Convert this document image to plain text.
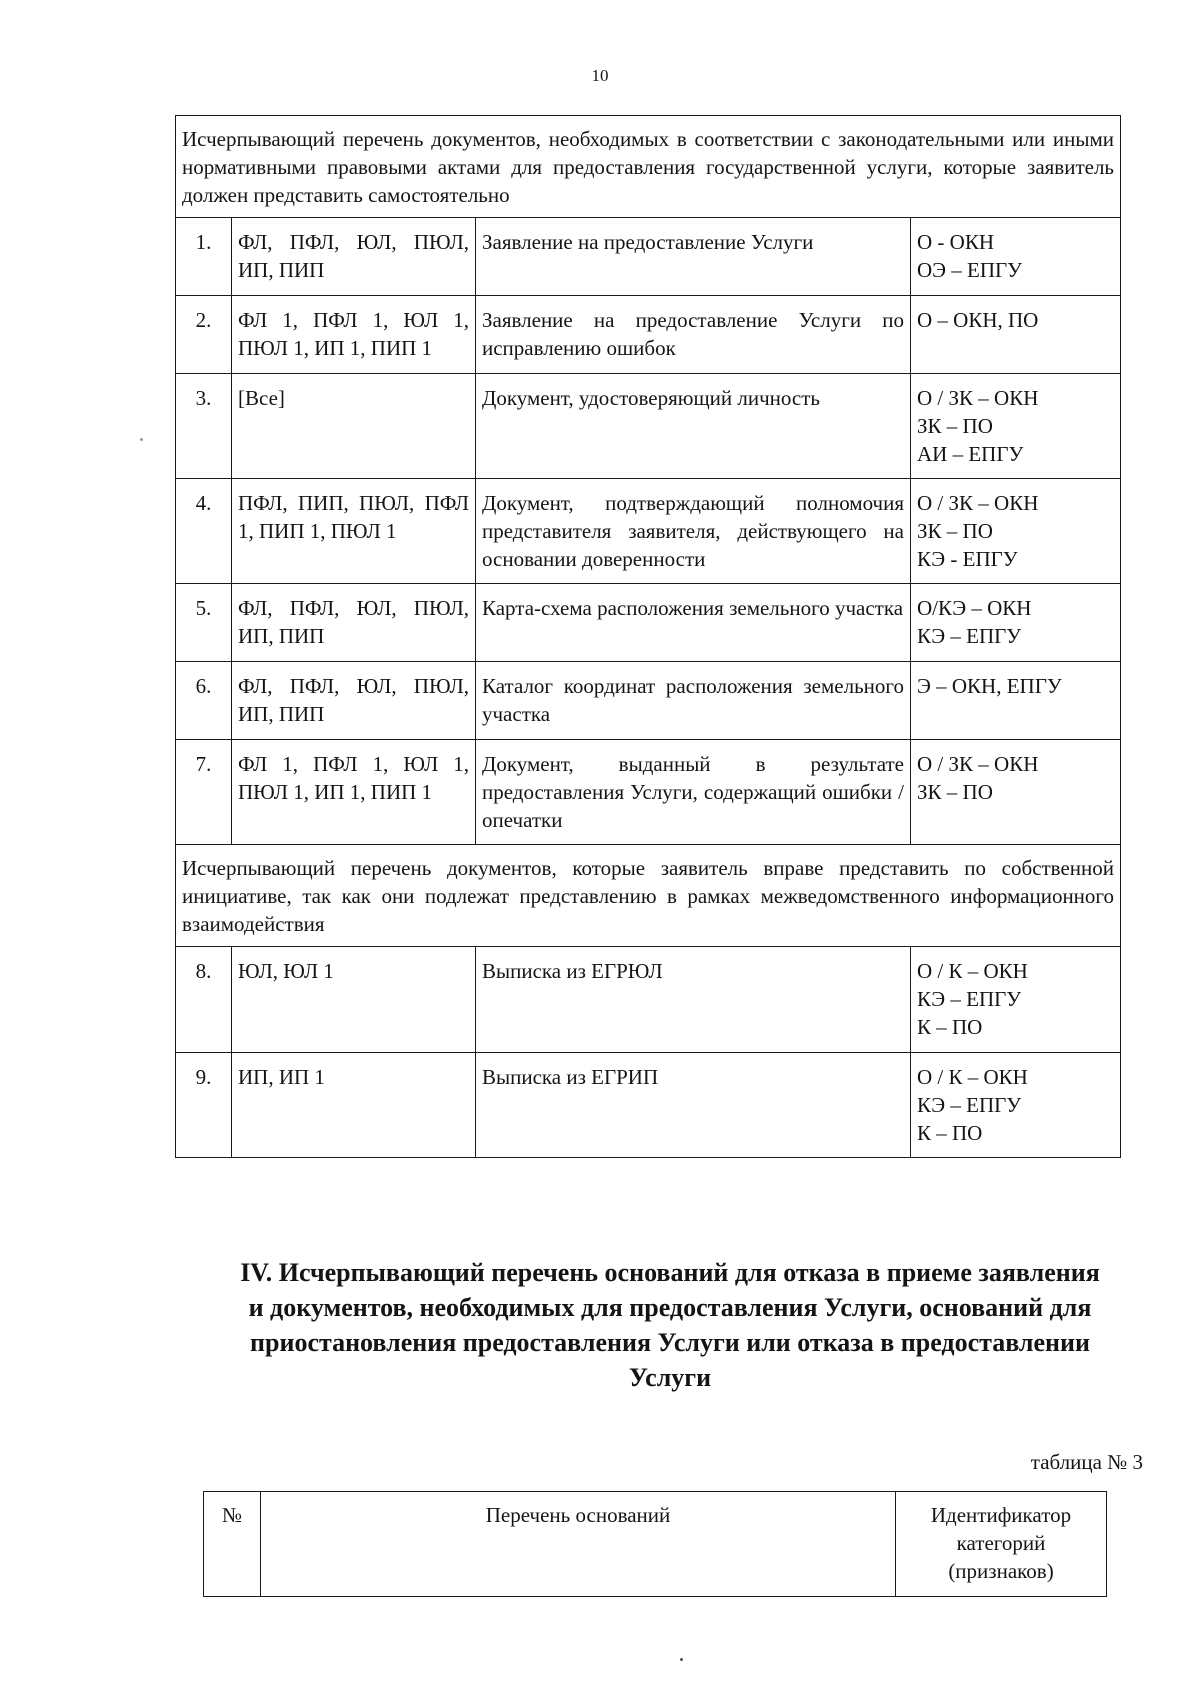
10
Исчерпывающий перечень документов, необходимых в соответствии с законодательными или иными нормативными правовыми актами для предоставления государственной услуги, которые заявитель должен представить самостоятельно			
1.	ФЛ, ПФЛ, ЮЛ, ПЮЛ, ИП, ПИП	Заявление на предоставление Услуги	О - ОКН
ОЭ – ЕПГУ

2.	ФЛ 1, ПФЛ 1, ЮЛ 1, ПЮЛ 1, ИП 1, ПИП 1	Заявление на предоставление Услуги по исправлению ошибок	О – ОКН, ПО

3.	[Все]	Документ, удостоверяющий личность	О / ЗК – ОКН
ЗК – ПО
АИ – ЕПГУ

4.	ПФЛ, ПИП, ПЮЛ, ПФЛ 1, ПИП 1, ПЮЛ 1	Документ, подтверждающий полномочия представителя заявителя, действующего на основании доверенности	О / ЗК – ОКН
ЗК – ПО
КЭ - ЕПГУ

5.	ФЛ, ПФЛ, ЮЛ, ПЮЛ, ИП, ПИП	Карта-схема расположения земельного участка	О/КЭ – ОКН
КЭ – ЕПГУ

6.	ФЛ, ПФЛ, ЮЛ, ПЮЛ, ИП, ПИП	Каталог координат расположения земельного участка	Э – ОКН, ЕПГУ

7.	ФЛ 1, ПФЛ 1, ЮЛ 1, ПЮЛ 1, ИП 1, ПИП 1	Документ, выданный в результате предоставления Услуги, содержащий ошибки / опечатки	О / ЗК – ОКН
ЗК – ПО

Исчерпывающий перечень документов, которые заявитель вправе представить по собственной инициативе, так как они подлежат представлению в рамках межведомственного информационного взаимодействия			
8.	ЮЛ, ЮЛ 1	Выписка из ЕГРЮЛ	О / К – ОКН
КЭ – ЕПГУ
К – ПО

9.	ИП, ИП 1	Выписка из ЕГРИП	О / К – ОКН
КЭ – ЕПГУ
К – ПО
IV. Исчерпывающий перечень оснований для отказа в приеме заявления
и документов, необходимых для предоставления Услуги, оснований для
приостановления предоставления Услуги или отказа в предоставлении
Услуги
таблица № 3
№	Перечень оснований	Идентификатор категорий (признаков)
